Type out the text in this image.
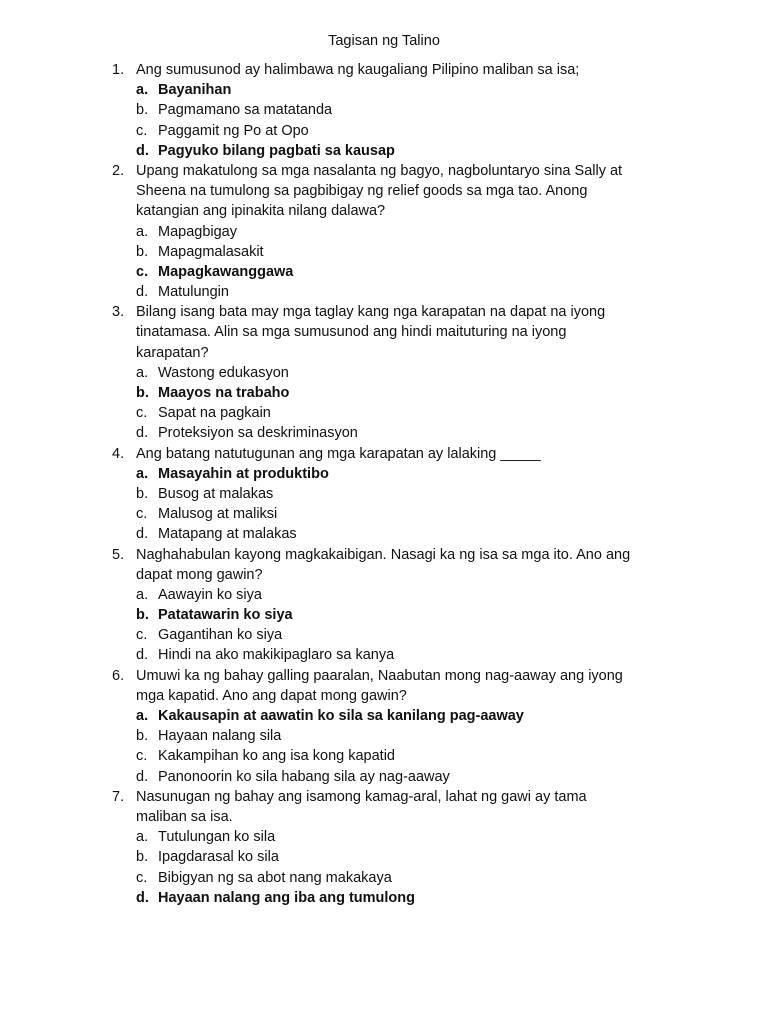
Tagisan ng Talino
1. Ang sumusunod ay halimbawa ng kaugaliang Pilipino maliban sa isa;
a. Bayanihan
b. Pagmamano sa matatanda
c. Paggamit ng Po at Opo
d. Pagyuko bilang pagbati sa kausap
2. Upang makatulong sa mga nasalanta ng bagyo, nagboluntaryo sina Sally at
Sheena na tumulong sa pagbibigay ng relief goods sa mga tao. Anong
katangian ang ipinakita nilang dalawa?
a. Mapagbigay
b. Mapagmalasakit
c. Mapagkawanggawa
d. Matulungin
3. Bilang isang bata may mga taglay kang nga karapatan na dapat na iyong
tinatamasa. Alin sa mga sumusunod ang hindi maituturing na iyong
karapatan?
a. Wastong edukasyon
b. Maayos na trabaho
c. Sapat na pagkain
d. Proteksiyon sa deskriminasyon
4. Ang batang natutugunan ang mga karapatan ay lalaking _____
a. Masayahin at produktibo
b. Busog at malakas
c. Malusog at maliksi
d. Matapang at malakas
5. Naghahabulan kayong magkakaibigan. Nasagi ka ng isa sa mga ito. Ano ang
dapat mong gawin?
a. Aawayin ko siya
b. Patatawarin ko siya
c. Gagantihan ko siya
d. Hindi na ako makikipaglaro sa kanya
6. Umuwi ka ng bahay galling paaralan, Naabutan mong nag-aaway ang iyong
mga kapatid. Ano ang dapat mong gawin?
a. Kakausapin at aawatin ko sila sa kanilang pag-aaway
b. Hayaan nalang sila
c. Kakampihan ko ang isa kong kapatid
d. Panonoorin ko sila habang sila ay nag-aaway
7. Nasunugan ng bahay ang isamong kamag-aral, lahat ng gawi ay tama
maliban sa isa.
a. Tutulungan ko sila
b. Ipagdarasal ko sila
c. Bibigyan ng sa abot nang makakaya
d. Hayaan nalang ang iba ang tumulong
